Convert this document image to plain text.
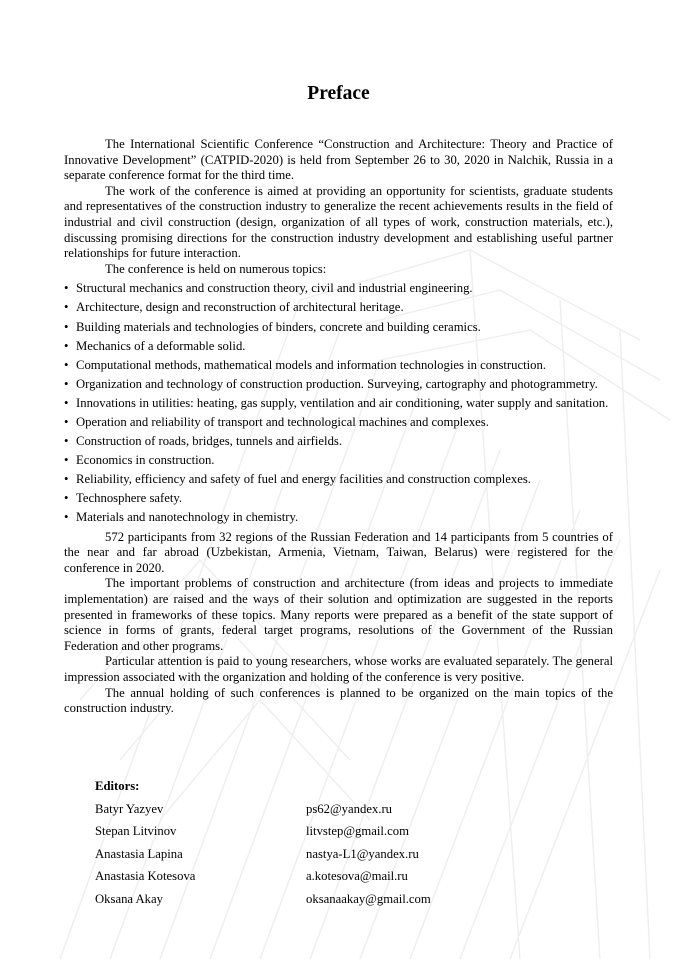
Preface

The International Scientific Conference “Construction and Architecture: Theory and Practice of Innovative Development” (CATPID-2020) is held from September 26 to 30, 2020 in Nalchik, Russia in a separate conference format for the third time.

The work of the conference is aimed at providing an opportunity for scientists, graduate students and representatives of the construction industry to generalize the recent achievements results in the field of industrial and civil construction (design, organization of all types of work, construction materials, etc.), discussing promising directions for the construction industry development and establishing useful partner relationships for future interaction.

The conference is held on numerous topics:

• Structural mechanics and construction theory, civil and industrial engineering.
• Architecture, design and reconstruction of architectural heritage.
• Building materials and technologies of binders, concrete and building ceramics.
• Mechanics of a deformable solid.
• Computational methods, mathematical models and information technologies in construction.
• Organization and technology of construction production. Surveying, cartography and photogrammetry.
• Innovations in utilities: heating, gas supply, ventilation and air conditioning, water supply and sanitation.
• Operation and reliability of transport and technological machines and complexes.
• Construction of roads, bridges, tunnels and airfields.
• Economics in construction.
• Reliability, efficiency and safety of fuel and energy facilities and construction complexes.
• Technosphere safety.
• Materials and nanotechnology in chemistry.

572 participants from 32 regions of the Russian Federation and 14 participants from 5 countries of the near and far abroad (Uzbekistan, Armenia, Vietnam, Taiwan, Belarus) were registered for the conference in 2020.

The important problems of construction and architecture (from ideas and projects to immediate implementation) are raised and the ways of their solution and optimization are suggested in the reports presented in frameworks of these topics. Many reports were prepared as a benefit of the state support of science in forms of grants, federal target programs, resolutions of the Government of the Russian Federation and other programs.

Particular attention is paid to young researchers, whose works are evaluated separately. The general impression associated with the organization and holding of the conference is very positive.

The annual holding of such conferences is planned to be organized on the main topics of the construction industry.

Editors:
Batyr Yazyev	ps62@yandex.ru
Stepan Litvinov	litvstep@gmail.com
Anastasia Lapina	nastya-L1@yandex.ru
Anastasia Kotesova	a.kotesova@mail.ru
Oksana Akay	oksanaakay@gmail.com
